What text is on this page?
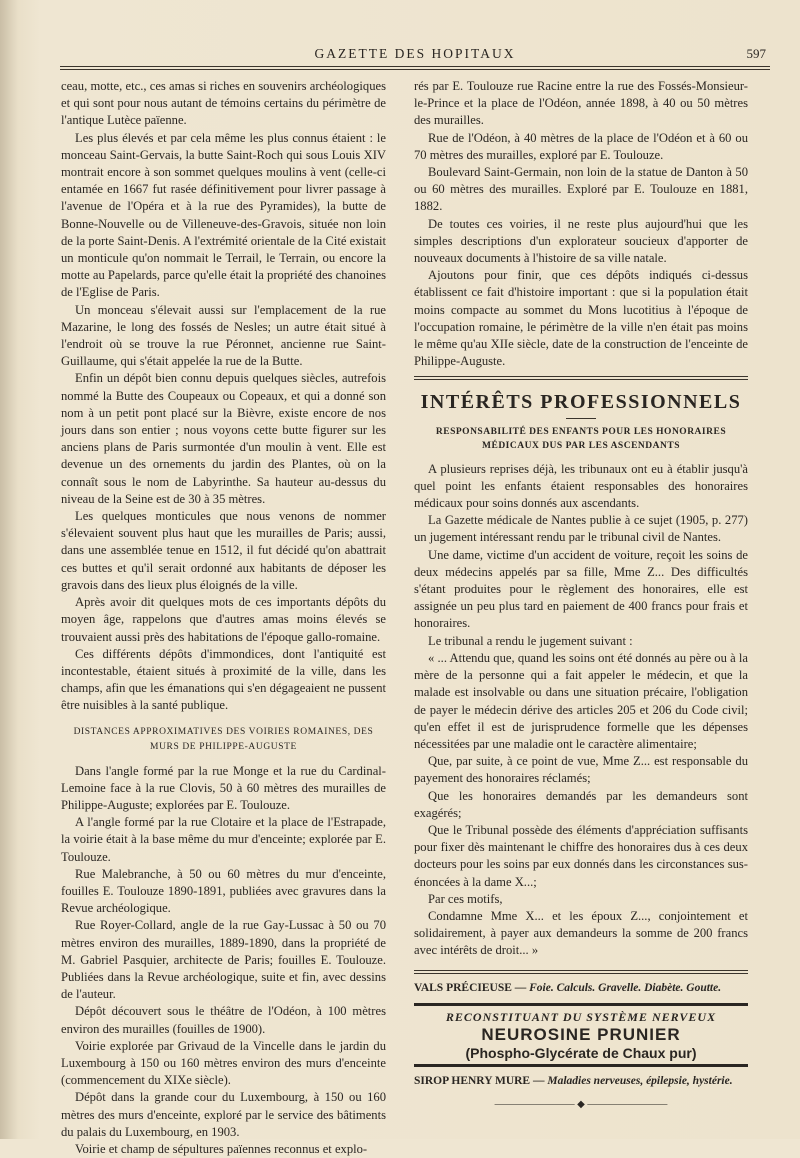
GAZETTE DES HOPITAUX	597

ceau, motte, etc., ces amas si riches en souvenirs archéologiques et qui sont pour nous autant de témoins certains du périmètre de l'antique Lutèce païenne.

Les plus élevés et par cela même les plus connus étaient : le monceau Saint-Gervais, la butte Saint-Roch qui sous Louis XIV montrait encore à son sommet quelques moulins à vent (celle-ci entamée en 1667 fut rasée définitivement pour livrer passage à l'avenue de l'Opéra et à la rue des Pyramides), la butte de Bonne-Nouvelle ou de Villeneuve-des-Gravois, située non loin de la porte Saint-Denis. A l'extrémité orientale de la Cité existait un monticule qu'on nommait le Terrail, le Terrain, ou encore la motte au Papelards, parce qu'elle était la propriété des chanoines de l'Eglise de Paris.

Un monceau s'élevait aussi sur l'emplacement de la rue Mazarine, le long des fossés de Nesles; un autre était situé à l'endroit où se trouve la rue Péronnet, ancienne rue Saint-Guillaume, qui s'était appelée la rue de la Butte.

Enfin un dépôt bien connu depuis quelques siècles, autrefois nommé la Butte des Coupeaux ou Copeaux, et qui a donné son nom à un petit pont placé sur la Bièvre, existe encore de nos jours dans son entier ; nous voyons cette butte figurer sur les anciens plans de Paris surmontée d'un moulin à vent. Elle est devenue un des ornements du jardin des Plantes, où on la connaît sous le nom de Labyrinthe. Sa hauteur au-dessus du niveau de la Seine est de 30 à 35 mètres.

Les quelques monticules que nous venons de nommer s'élevaient souvent plus haut que les murailles de Paris; aussi, dans une assemblée tenue en 1512, il fut décidé qu'on abattrait ces buttes et qu'il serait ordonné aux habitants de déposer les gravois dans des lieux plus éloignés de la ville.

Après avoir dit quelques mots de ces importants dépôts du moyen âge, rappelons que d'autres amas moins élevés se trouvaient aussi près des habitations de l'époque gallo-romaine.

Ces différents dépôts d'immondices, dont l'antiquité est incontestable, étaient situés à proximité de la ville, dans les champs, afin que les émanations qui s'en dégageaient ne pussent être nuisibles à la santé publique.

DISTANCES APPROXIMATIVES DES VOIRIES ROMAINES, DES MURS DE PHILIPPE-AUGUSTE

Dans l'angle formé par la rue Monge et la rue du Cardinal-Lemoine face à la rue Clovis, 50 à 60 mètres des murailles de Philippe-Auguste; explorées par E. Toulouze.

A l'angle formé par la rue Clotaire et la place de l'Estrapade, la voirie était à la base même du mur d'enceinte; explorée par E. Toulouze.

Rue Malebranche, à 50 ou 60 mètres du mur d'enceinte, fouilles E. Toulouze 1890-1891, publiées avec gravures dans la Revue archéologique.

Rue Royer-Collard, angle de la rue Gay-Lussac à 50 ou 70 mètres environ des murailles, 1889-1890, dans la propriété de M. Gabriel Pasquier, architecte de Paris; fouilles E. Toulouze. Publiées dans la Revue archéologique, suite et fin, avec dessins de l'auteur.

Dépôt découvert sous le théâtre de l'Odéon, à 100 mètres environ des murailles (fouilles de 1900).

Voirie explorée par Grivaud de la Vincelle dans le jardin du Luxembourg à 150 ou 160 mètres environ des murs d'enceinte (commencement du XIXe siècle).

Dépôt dans la grande cour du Luxembourg, à 150 ou 160 mètres des murs d'enceinte, exploré par le service des bâtiments du palais du Luxembourg, en 1903.

Voirie et champ de sépultures païennes reconnus et explo-

rés par E. Toulouze rue Racine entre la rue des Fossés-Monsieur-le-Prince et la place de l'Odéon, année 1898, à 40 ou 50 mètres des murailles.

Rue de l'Odéon, à 40 mètres de la place de l'Odéon et à 60 ou 70 mètres des murailles, exploré par E. Toulouze.

Boulevard Saint-Germain, non loin de la statue de Danton à 50 ou 60 mètres des murailles. Exploré par E. Toulouze en 1881, 1882.

De toutes ces voiries, il ne reste plus aujourd'hui que les simples descriptions d'un explorateur soucieux d'apporter de nouveaux documents à l'histoire de sa ville natale.

Ajoutons pour finir, que ces dépôts indiqués ci-dessus établissent ce fait d'histoire important : que si la population était moins compacte au sommet du Mons lucotitius à l'époque de l'occupation romaine, le périmètre de la ville n'en était pas moins le même qu'au XIIe siècle, date de la construction de l'enceinte de Philippe-Auguste.

INTÉRÊTS PROFESSIONNELS
RESPONSABILITÉ DES ENFANTS POUR LES HONORAIRES MÉDICAUX DUS PAR LES ASCENDANTS

A plusieurs reprises déjà, les tribunaux ont eu à établir jusqu'à quel point les enfants étaient responsables des honoraires médicaux pour soins donnés aux ascendants.

La Gazette médicale de Nantes publie à ce sujet (1905, p. 277) un jugement intéressant rendu par le tribunal civil de Nantes.

Une dame, victime d'un accident de voiture, reçoit les soins de deux médecins appelés par sa fille, Mme Z... Des difficultés s'étant produites pour le règlement des honoraires, elle est assignée un peu plus tard en paiement de 400 francs pour frais et honoraires.

Le tribunal a rendu le jugement suivant :

« ... Attendu que, quand les soins ont été donnés au père ou à la mère de la personne qui a fait appeler le médecin, et que la malade est insolvable ou dans une situation précaire, l'obligation de payer le médecin dérive des articles 205 et 206 du Code civil; qu'en effet il est de jurisprudence formelle que les dépenses nécessitées par une maladie ont le caractère alimentaire;

Que, par suite, à ce point de vue, Mme Z... est responsable du payement des honoraires réclamés;

Que les honoraires demandés par les demandeurs sont exagérés;

Que le Tribunal possède des éléments d'appréciation suffisants pour fixer dès maintenant le chiffre des honoraires dus à ces deux docteurs pour les soins par eux donnés dans les circonstances sus-énoncées à la dame X...;

Par ces motifs,

Condamne Mme X... et les époux Z..., conjointement et solidairement, à payer aux demandeurs la somme de 200 francs avec intérêts de droit... »

VALS PRÉCIEUSE — Foie. Calculs. Gravelle. Diabète. Goutte.
RECONSTITUANT DU SYSTÈME NERVEUX
NEUROSINE PRUNIER
(Phospho-Glycérate de Chaux pur)
SIROP HENRY MURE — Maladies nerveuses, épilepsie, hystérie.
———————— ◆ ————————
